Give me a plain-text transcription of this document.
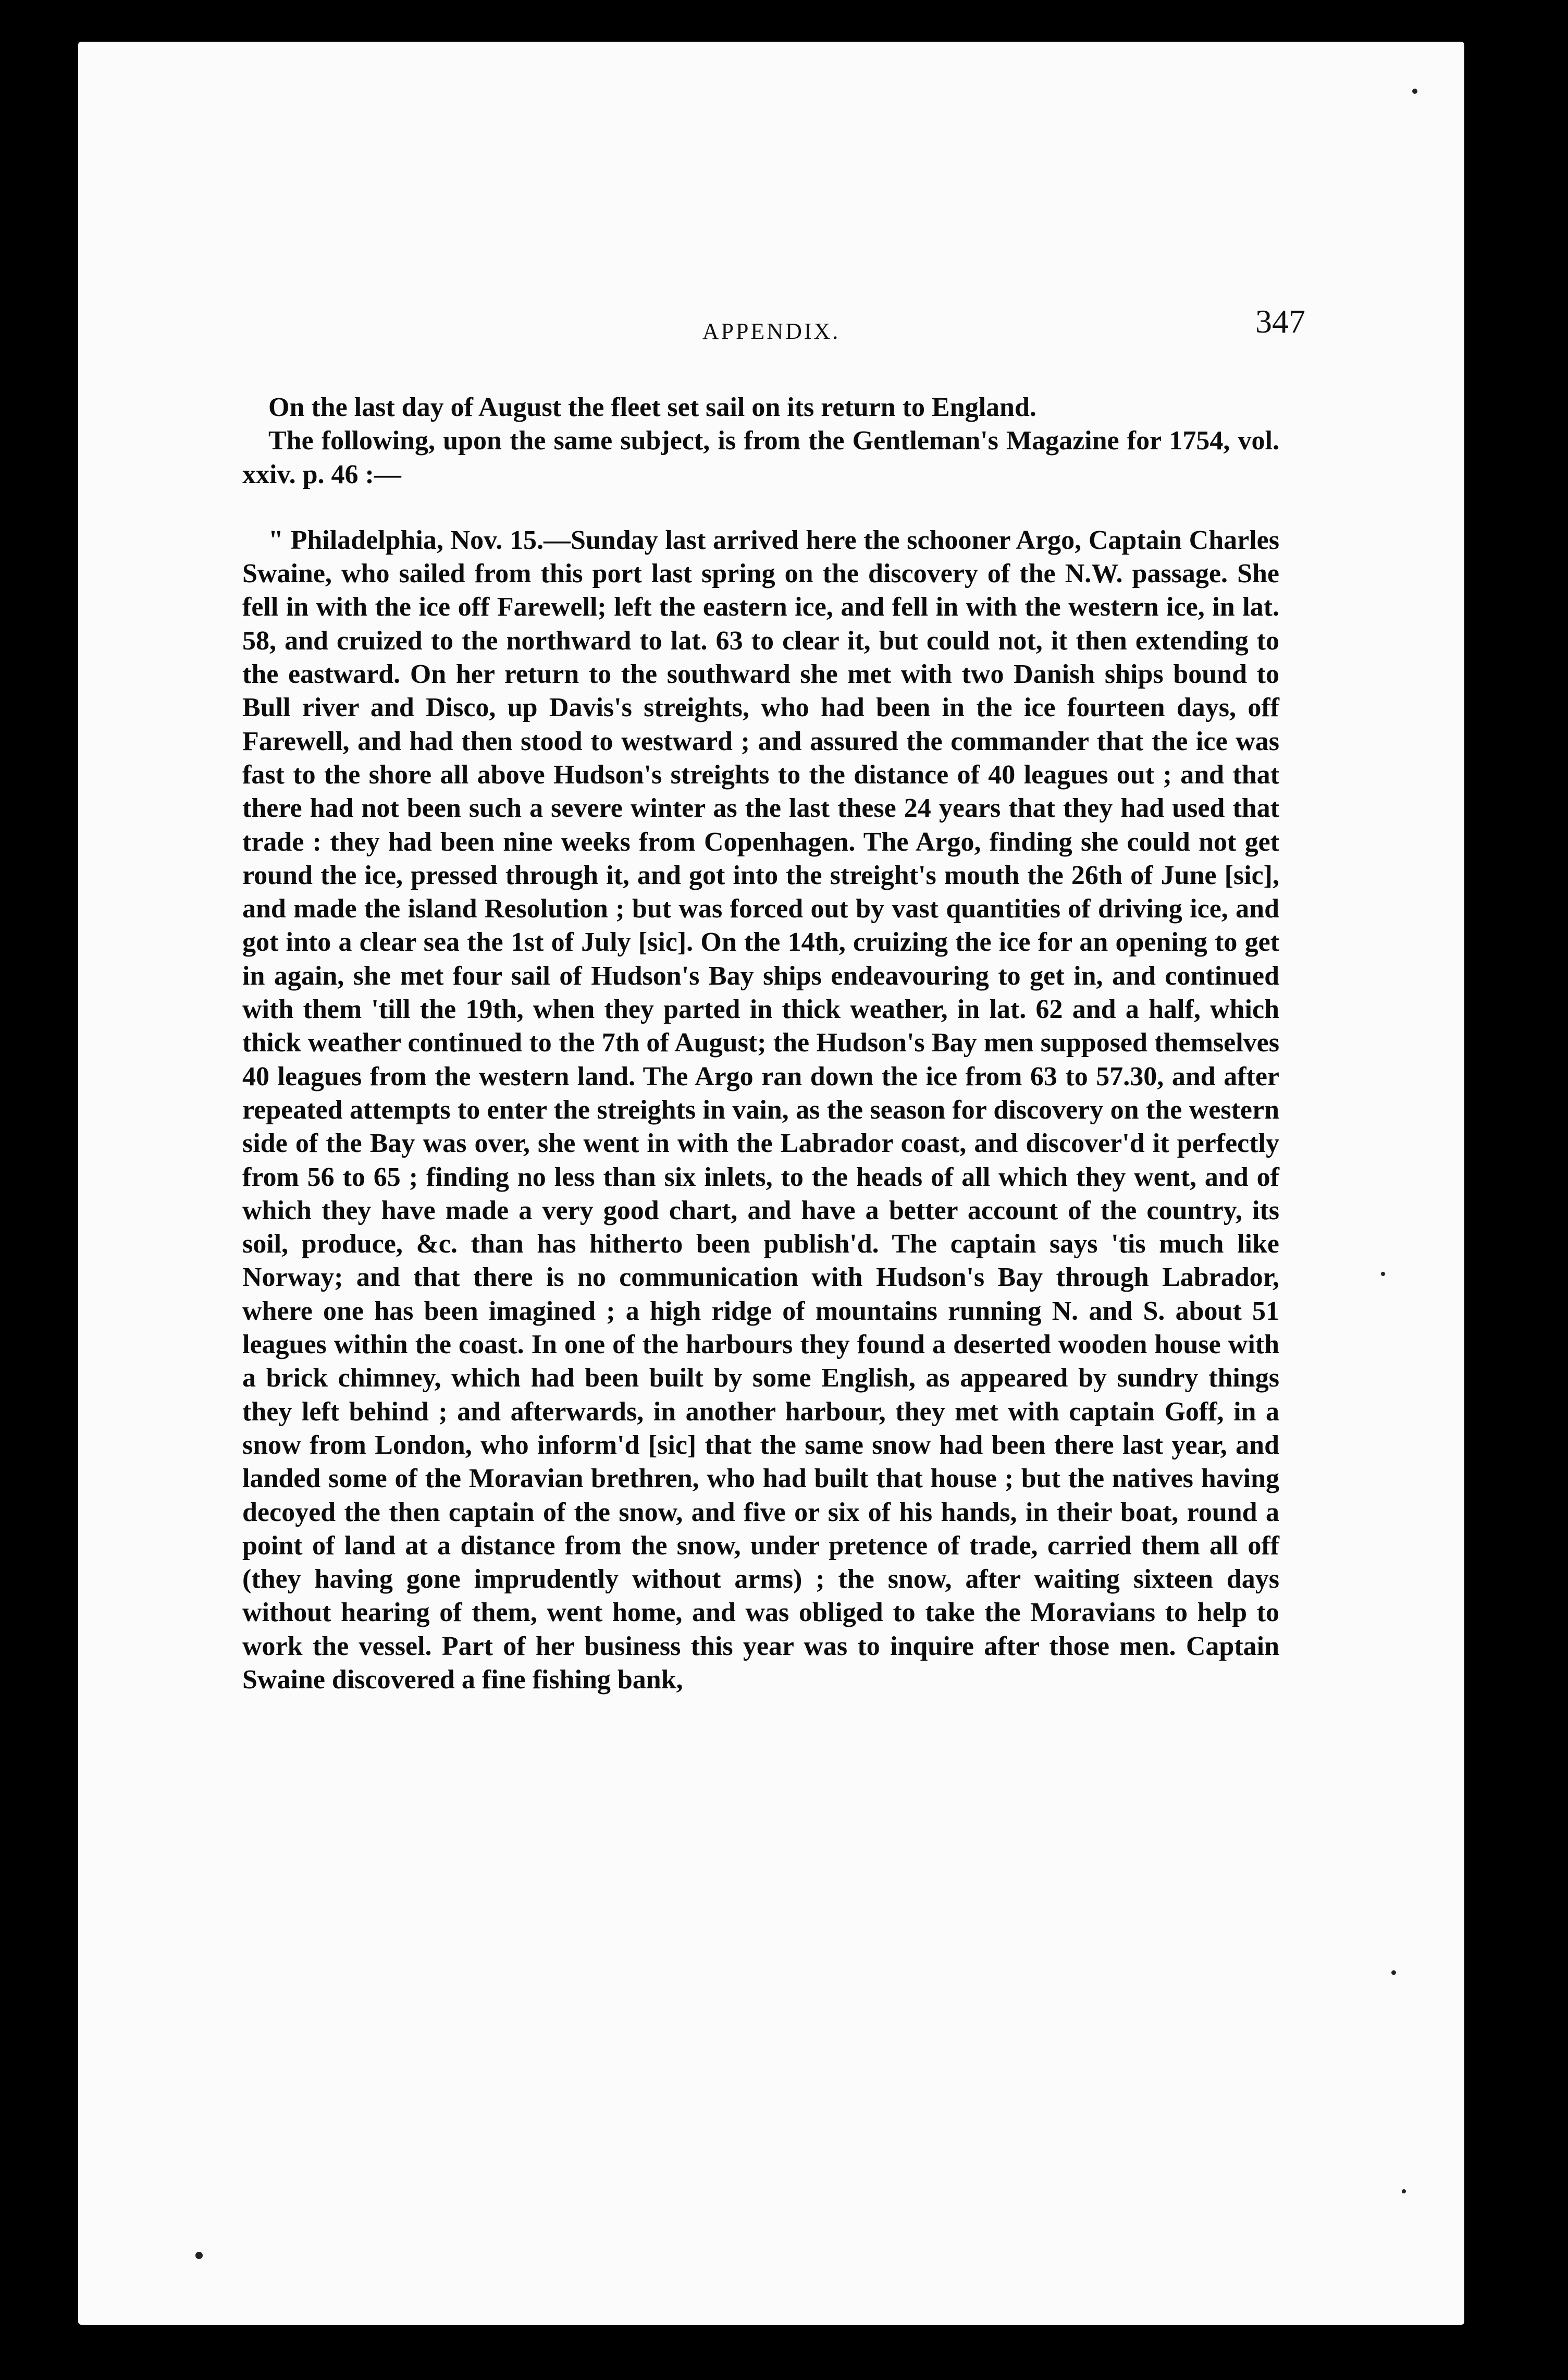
APPENDIX.	347

On the last day of August the fleet set sail on its return to England.

The following, upon the same subject, is from the Gentleman's Magazine for 1754, vol. xxiv. p. 46 :—

" Philadelphia, Nov. 15.—Sunday last arrived here the schooner Argo, Captain Charles Swaine, who sailed from this port last spring on the discovery of the N.W. passage. She fell in with the ice off Farewell; left the eastern ice, and fell in with the western ice, in lat. 58, and cruized to the northward to lat. 63 to clear it, but could not, it then extending to the eastward. On her return to the southward she met with two Danish ships bound to Bull river and Disco, up Davis's streights, who had been in the ice fourteen days, off Farewell, and had then stood to westward ; and assured the commander that the ice was fast to the shore all above Hudson's streights to the distance of 40 leagues out ; and that there had not been such a severe winter as the last these 24 years that they had used that trade : they had been nine weeks from Copenhagen. The Argo, finding she could not get round the ice, pressed through it, and got into the streight's mouth the 26th of June [sic], and made the island Resolution ; but was forced out by vast quantities of driving ice, and got into a clear sea the 1st of July [sic]. On the 14th, cruizing the ice for an opening to get in again, she met four sail of Hudson's Bay ships endeavouring to get in, and continued with them 'till the 19th, when they parted in thick weather, in lat. 62 and a half, which thick weather continued to the 7th of August; the Hudson's Bay men supposed themselves 40 leagues from the western land. The Argo ran down the ice from 63 to 57.30, and after repeated attempts to enter the streights in vain, as the season for discovery on the western side of the Bay was over, she went in with the Labrador coast, and discover'd it perfectly from 56 to 65 ; finding no less than six inlets, to the heads of all which they went, and of which they have made a very good chart, and have a better account of the country, its soil, produce, &c. than has hitherto been publish'd. The captain says 'tis much like Norway; and that there is no communication with Hudson's Bay through Labrador, where one has been imagined ; a high ridge of mountains running N. and S. about 51 leagues within the coast. In one of the harbours they found a deserted wooden house with a brick chimney, which had been built by some English, as appeared by sundry things they left behind ; and afterwards, in another harbour, they met with captain Goff, in a snow from London, who inform'd [sic] that the same snow had been there last year, and landed some of the Moravian brethren, who had built that house ; but the natives having decoyed the then captain of the snow, and five or six of his hands, in their boat, round a point of land at a distance from the snow, under pretence of trade, carried them all off (they having gone imprudently without arms) ; the snow, after waiting sixteen days without hearing of them, went home, and was obliged to take the Moravians to help to work the vessel. Part of her business this year was to inquire after those men. Captain Swaine discovered a fine fishing bank,
